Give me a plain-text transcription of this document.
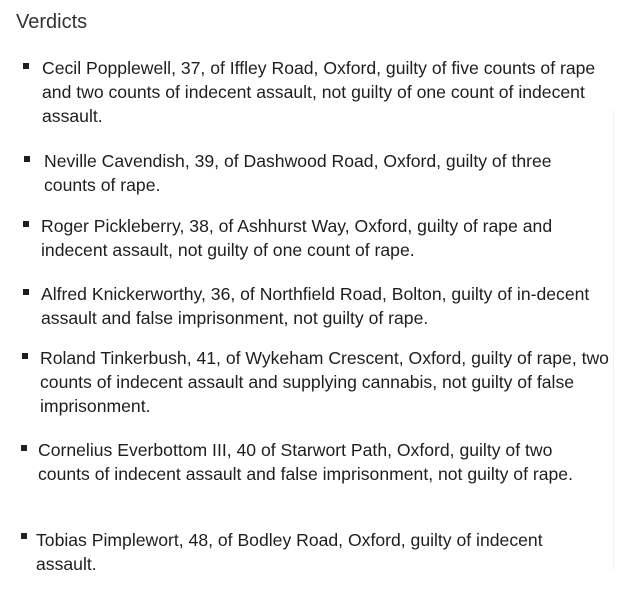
Verdicts
Cecil Popplewell, 37, of Iffley Road, Oxford, guilty of five counts of rape and two counts of indecent assault, not guilty of one count of indecent assault.
Neville Cavendish, 39, of Dashwood Road, Oxford, guilty of three counts of rape.
Roger Pickleberry, 38, of Ashhurst Way, Oxford, guilty of rape and indecent assault, not guilty of one count of rape.
Alfred Knickerworthy, 36, of Northfield Road, Bolton, guilty of in-decent assault and false imprisonment, not guilty of rape.
Roland Tinkerbush, 41, of Wykeham Crescent, Oxford, guilty of rape, two counts of indecent assault and supplying cannabis, not guilty of false imprisonment.
Cornelius Everbottom III, 40 of Starwort Path, Oxford, guilty of two counts of indecent assault and false imprisonment, not guilty of rape.
Tobias Pimplewort, 48, of Bodley Road, Oxford, guilty of indecent assault.
